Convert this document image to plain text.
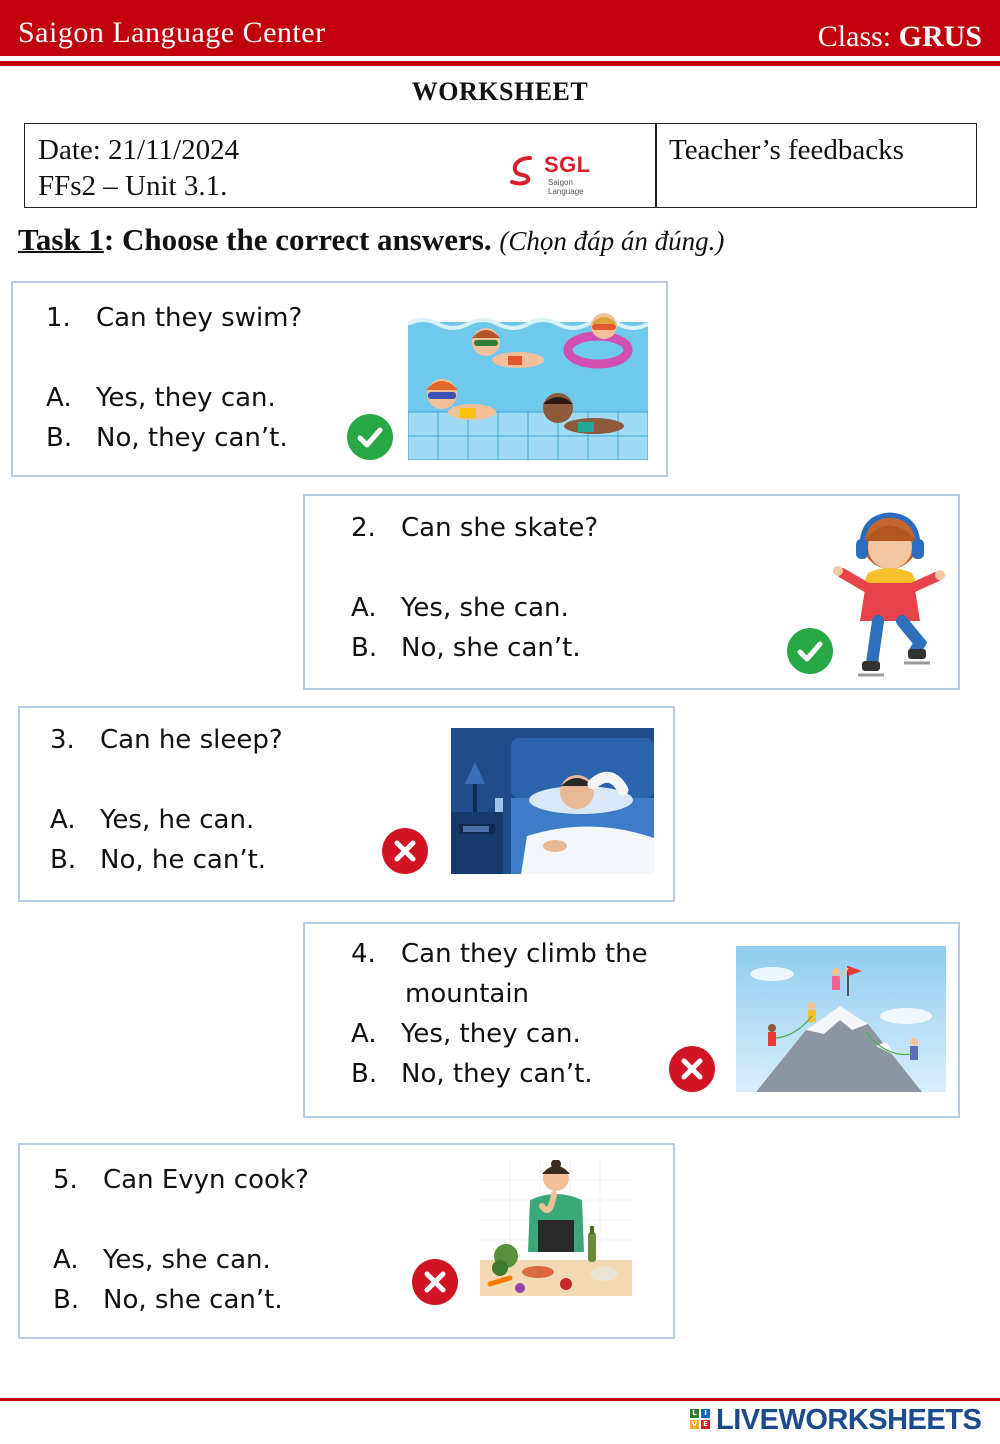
Saigon Language Center	Class: GRUS
WORKSHEET
Date: 21/11/2024
FFs2 – Unit 3.1.
Teacher’s feedbacks
SGL
Saigon Language
Task 1: Choose the correct answers. (Chọn đáp án đúng.)
1. Can they swim?
A. Yes, they can.
B. No, they can’t.
2. Can she skate?
A. Yes, she can.
B. No, she can’t.
3. Can he sleep?
A. Yes, he can.
B. No, he can’t.
4. Can they climb the
mountain
A. Yes, they can.
B. No, they can’t.
5. Can Evyn cook?
A. Yes, she can.
B. No, she can’t.
L	I
V E LIVEWORKSHEETS
